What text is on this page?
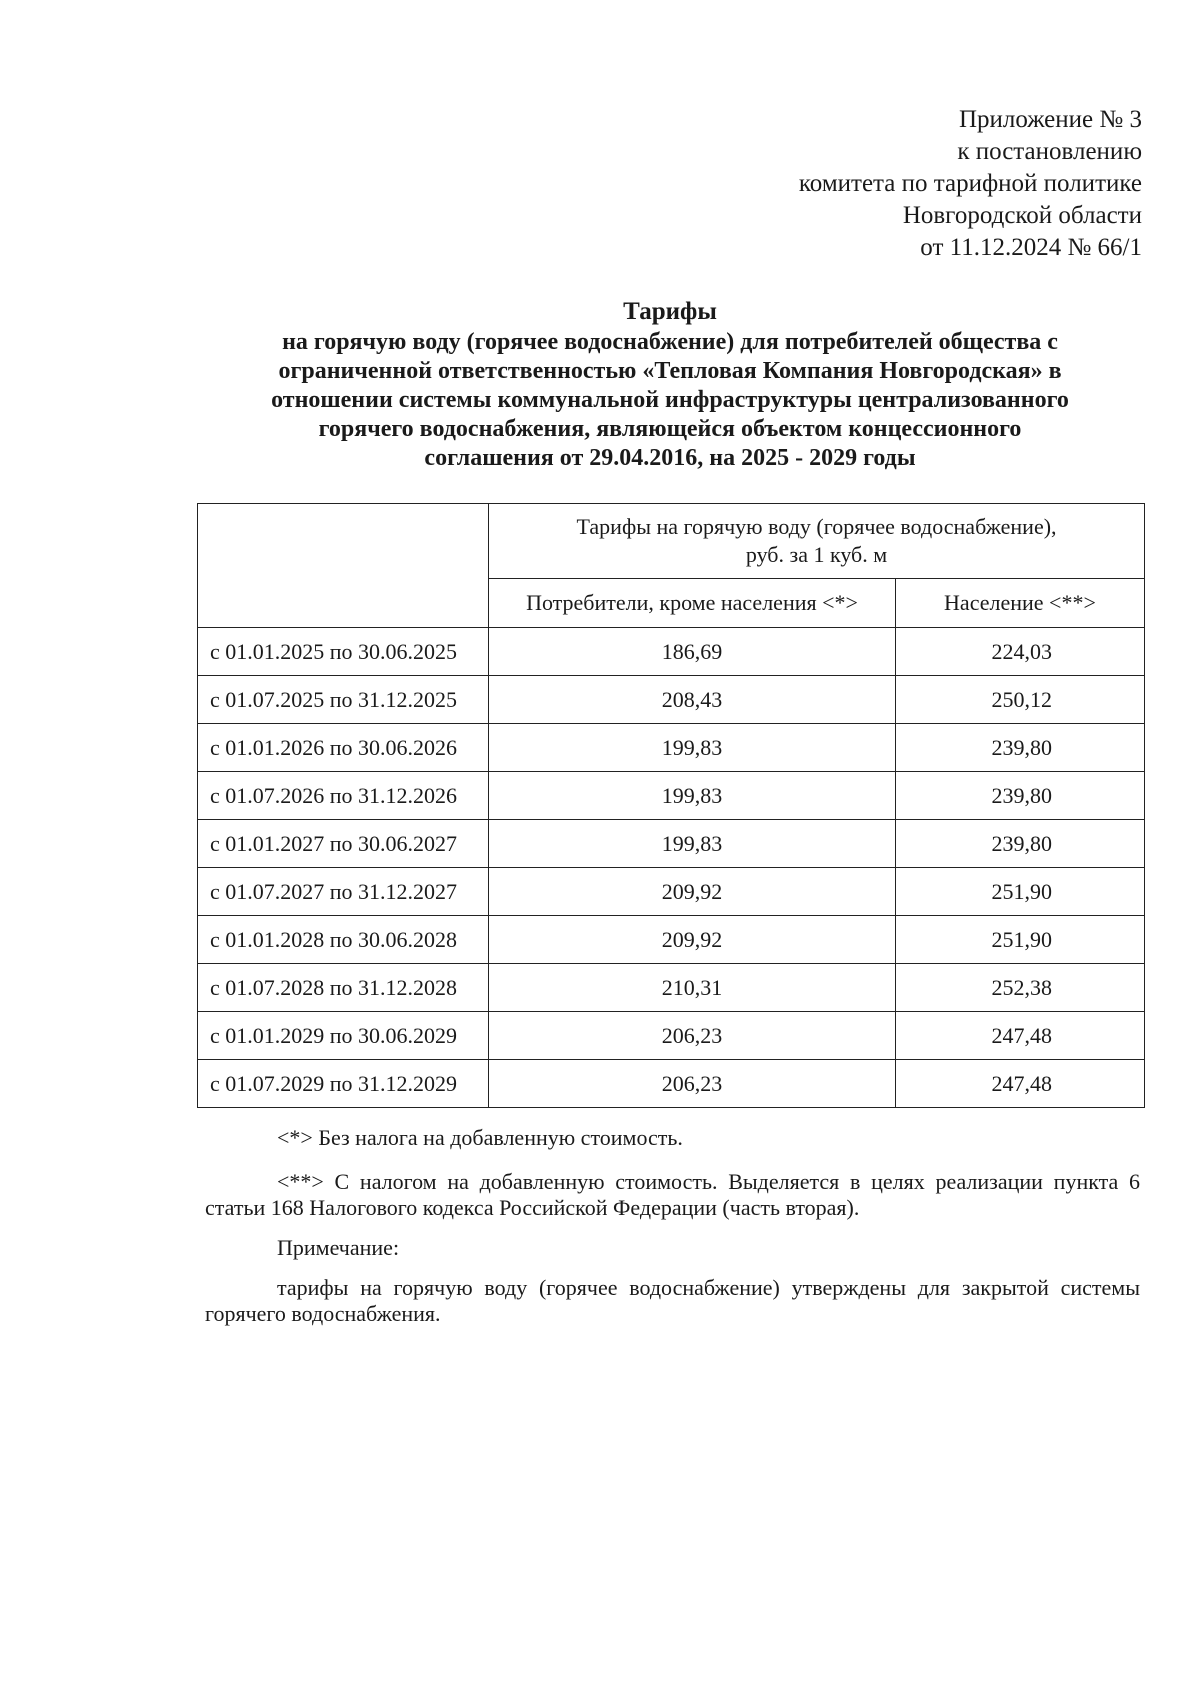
Приложение № 3
к постановлению
комитета по тарифной политике
Новгородской области
от 11.12.2024 № 66/1
Тарифы
на горячую воду (горячее водоснабжение) для потребителей общества с
ограниченной ответственностью «Тепловая Компания Новгородская» в
отношении системы коммунальной инфраструктуры централизованного
горячего водоснабжения, являющейся объектом концессионного
соглашения от 29.04.2016, на 2025 - 2029 годы

	Тарифы на горячую воду (горячее водоснабжение),
руб. за 1 куб. м	

	Потребители, кроме населения <*>	Население <**>
с 01.01.2025 по 30.06.2025	186,69	224,03
с 01.07.2025 по 31.12.2025	208,43	250,12
с 01.01.2026 по 30.06.2026	199,83	239,80
с 01.07.2026 по 31.12.2026	199,83	239,80
с 01.01.2027 по 30.06.2027	199,83	239,80
с 01.07.2027 по 31.12.2027	209,92	251,90
с 01.01.2028 по 30.06.2028	209,92	251,90
с 01.07.2028 по 31.12.2028	210,31	252,38
с 01.01.2029 по 30.06.2029	206,23	247,48
с 01.07.2029 по 31.12.2029	206,23	247,48

<*> Без налога на добавленную стоимость.

<**> С налогом на добавленную стоимость. Выделяется в целях реализации пункта 6 статьи 168 Налогового кодекса Российской Федерации (часть вторая).

Примечание:

тарифы на горячую воду (горячее водоснабжение) утверждены для закрытой системы горячего водоснабжения.
